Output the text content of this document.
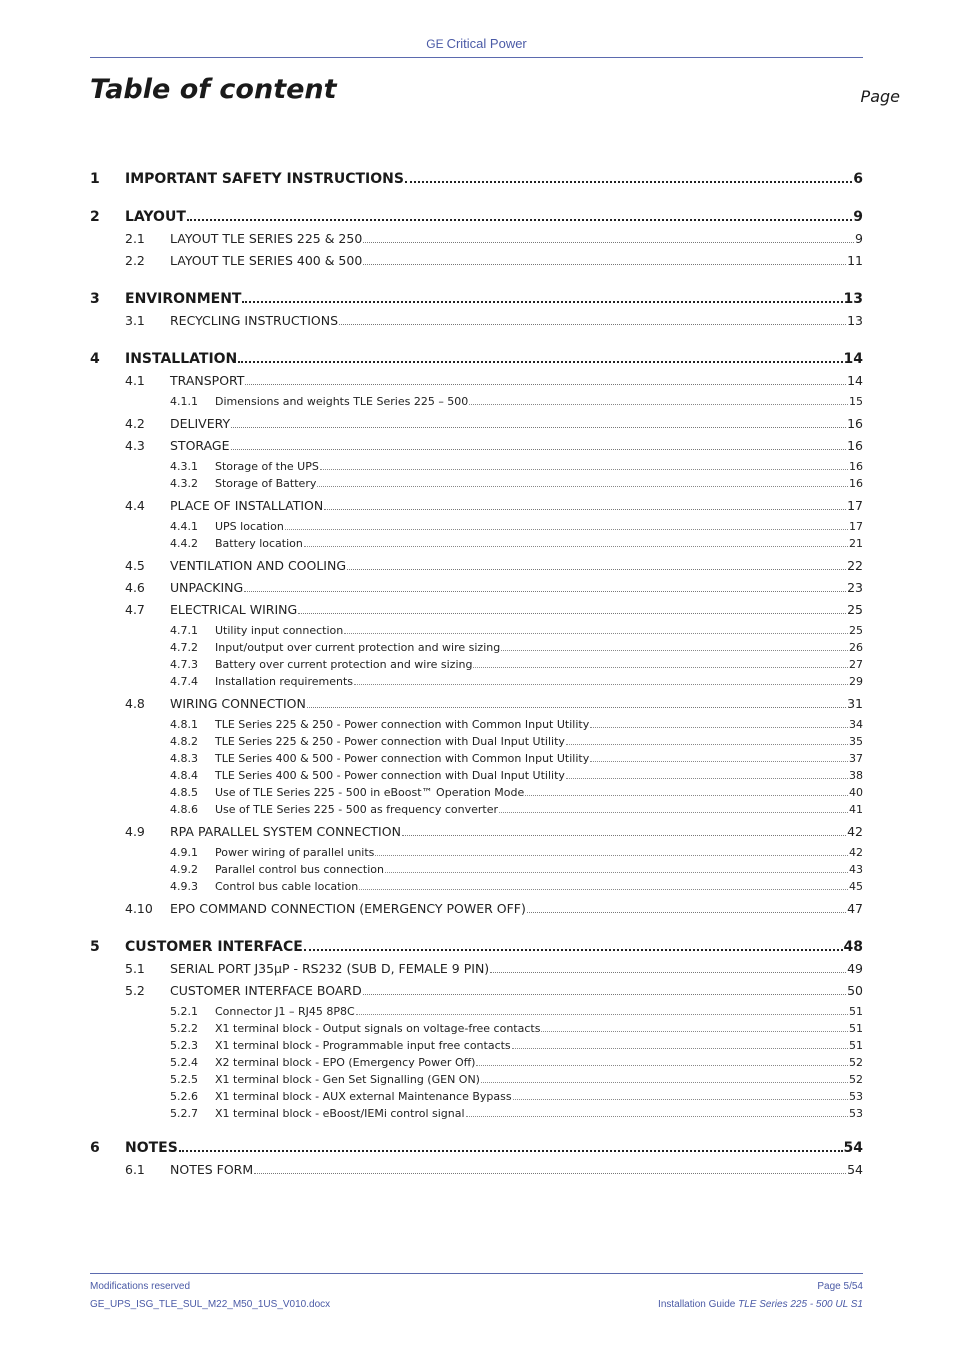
GE Critical Power
Table of content	Page
1 IMPORTANT SAFETY INSTRUCTIONS	6
2 LAYOUT	9
2.1 LAYOUT TLE SERIES 225 & 250	9
2.2 LAYOUT TLE SERIES 400 & 500	11
3 ENVIRONMENT	13
3.1 RECYCLING INSTRUCTIONS	13
4 INSTALLATION	14
4.1 TRANSPORT	14
4.1.1 Dimensions and weights TLE Series 225 – 500	15
4.2 DELIVERY	16
4.3 STORAGE	16
4.3.1 Storage of the UPS	16
4.3.2 Storage of Battery	16
4.4 PLACE OF INSTALLATION	17
4.4.1 UPS location	17
4.4.2 Battery location	21
4.5 VENTILATION AND COOLING	22
4.6 UNPACKING	23
4.7 ELECTRICAL WIRING	25
4.7.1 Utility input connection	25
4.7.2 Input/output over current protection and wire sizing	26
4.7.3 Battery over current protection and wire sizing	27
4.7.4 Installation requirements	29
4.8 WIRING CONNECTION	31
4.8.1 TLE Series 225 & 250 - Power connection with Common Input Utility	34
4.8.2 TLE Series 225 & 250 - Power connection with Dual Input Utility	35
4.8.3 TLE Series 400 & 500 - Power connection with Common Input Utility	37
4.8.4 TLE Series 400 & 500 - Power connection with Dual Input Utility	38
4.8.5 Use of TLE Series 225 - 500 in eBoost™ Operation Mode	40
4.8.6 Use of TLE Series 225 - 500 as frequency converter	41
4.9 RPA PARALLEL SYSTEM CONNECTION	42
4.9.1 Power wiring of parallel units	42
4.9.2 Parallel control bus connection	43
4.9.3 Control bus cable location	45
4.10 EPO COMMAND CONNECTION (EMERGENCY POWER OFF)	47
5 CUSTOMER INTERFACE	48
5.1 SERIAL PORT J35μP - RS232 (SUB D, FEMALE 9 PIN)	49
5.2 CUSTOMER INTERFACE BOARD	50
5.2.1 Connector J1 – RJ45 8P8C	51
5.2.2 X1 terminal block - Output signals on voltage-free contacts	51
5.2.3 X1 terminal block - Programmable input free contacts	51
5.2.4 X2 terminal block - EPO (Emergency Power Off)	52
5.2.5 X1 terminal block - Gen Set Signalling (GEN ON)	52
5.2.6 X1 terminal block - AUX external Maintenance Bypass	53
5.2.7 X1 terminal block - eBoost/IEMi control signal	53
6 NOTES	54
6.1 NOTES FORM	54
Modifications reserved
GE_UPS_ISG_TLE_SUL_M22_M50_1US_V010.docx
Page 5/54
Installation Guide TLE Series 225 - 500 UL S1
